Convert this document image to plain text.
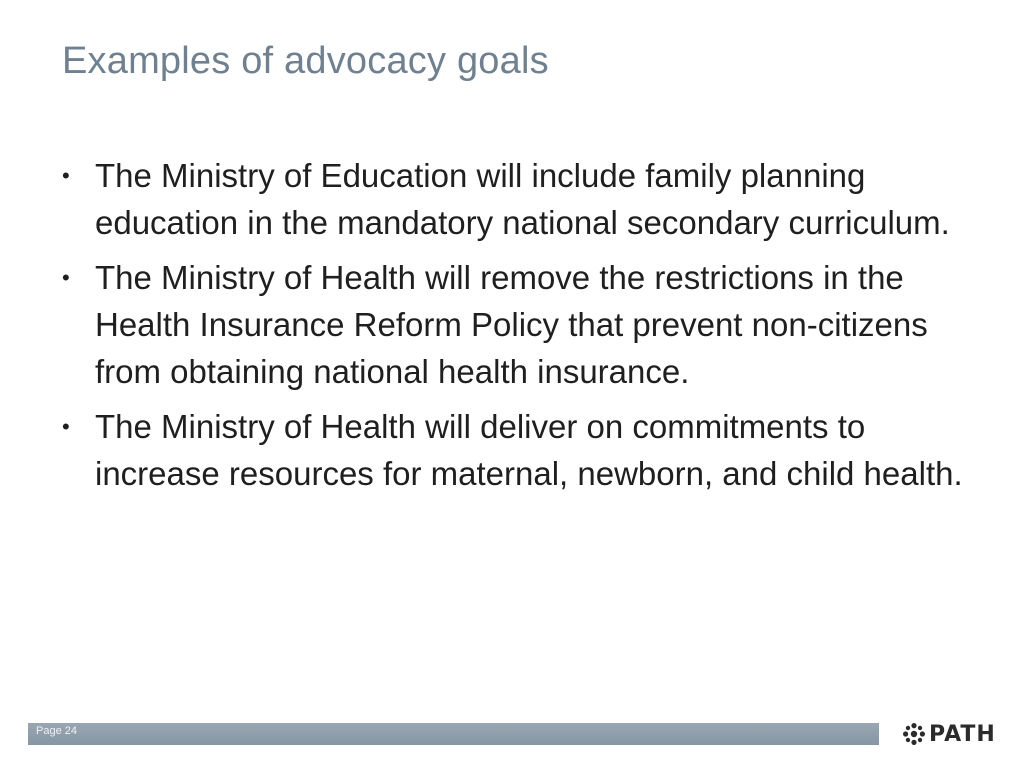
Examples of advocacy goals
• The Ministry of Education will include family planning education in the mandatory national secondary curriculum.
• The Ministry of Health will remove the restrictions in the Health Insurance Reform Policy that prevent non-citizens from obtaining national health insurance.
• The Ministry of Health will deliver on commitments to increase resources for maternal, newborn, and child health.
Page 24	PATH
